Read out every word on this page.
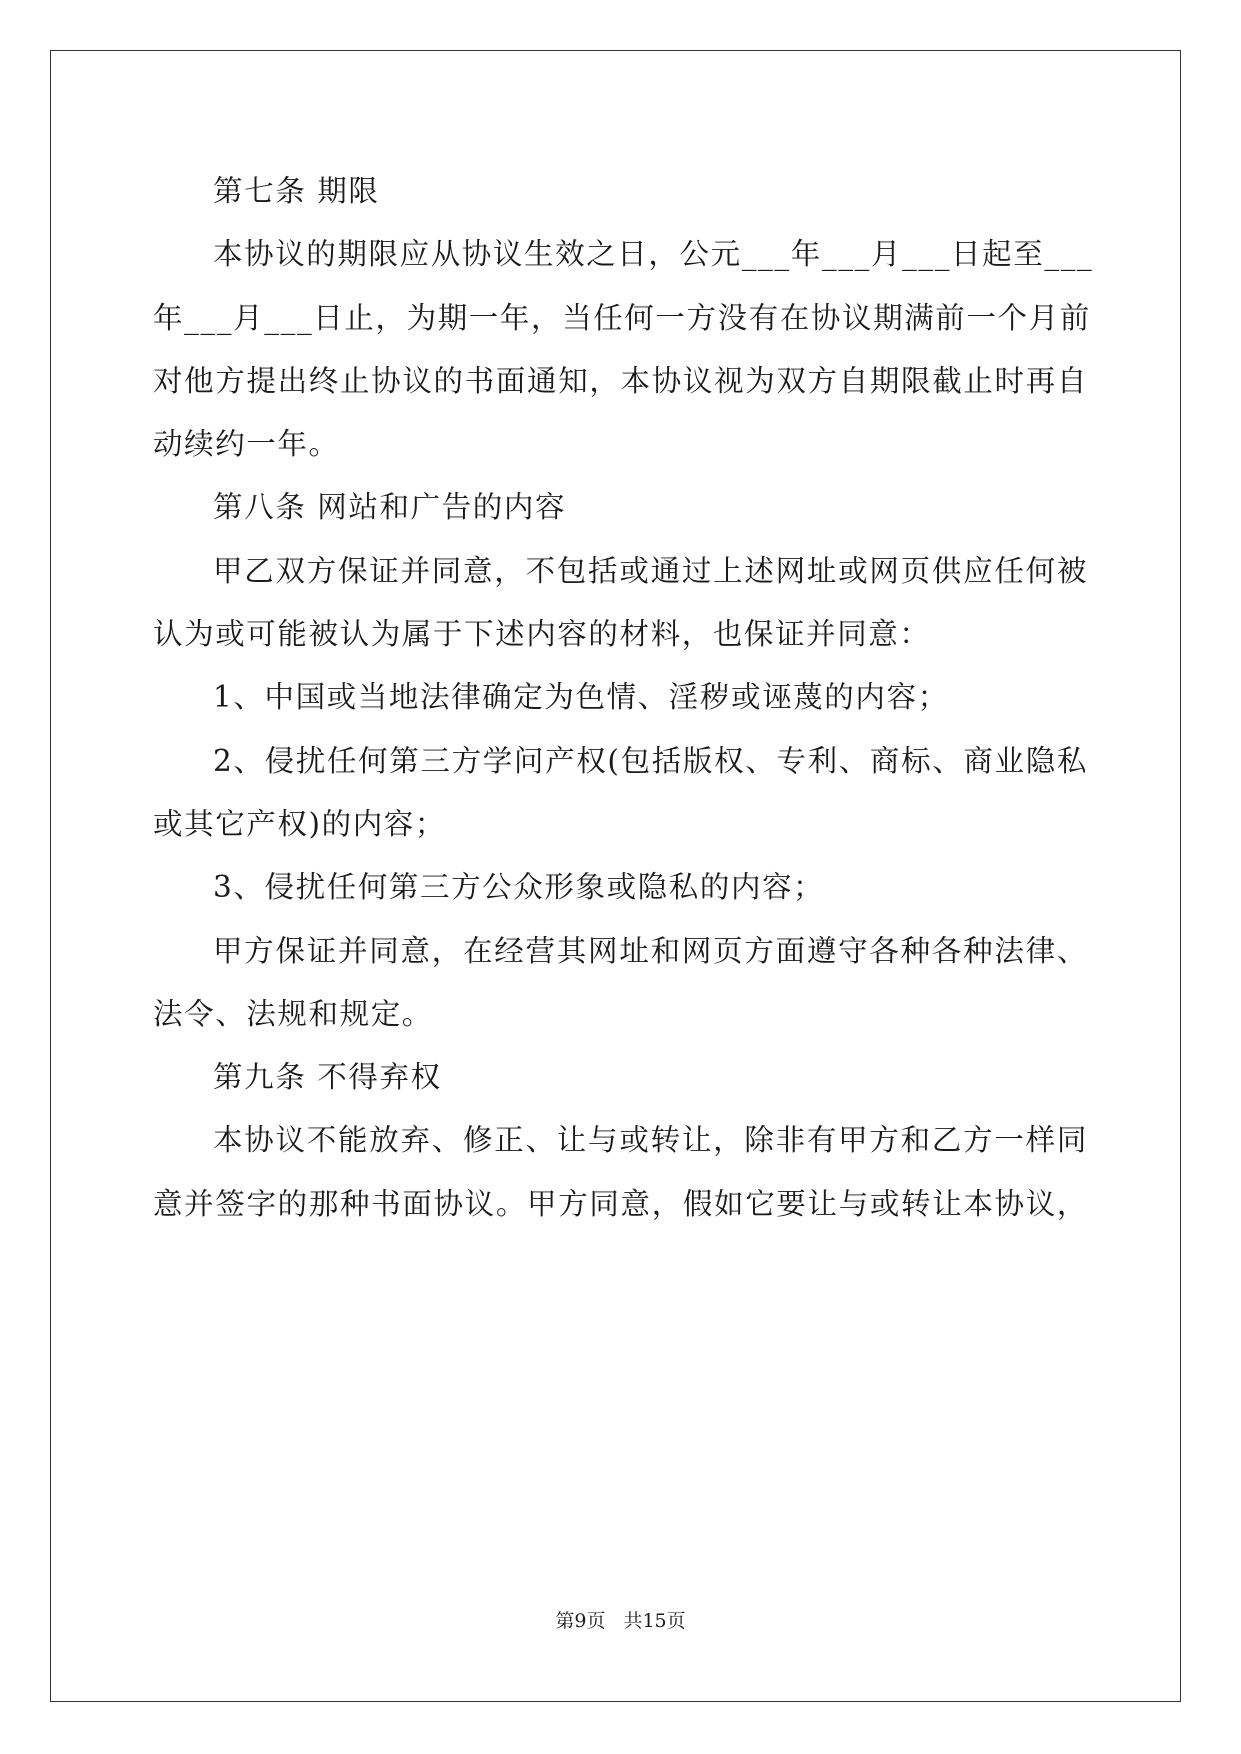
第七条 期限
本协议的期限应从协议生效之日，公元___年___月___日起至___
年___月___日止，为期一年，当任何一方没有在协议期满前一个月前
对他方提出终止协议的书面通知，本协议视为双方自期限截止时再自
动续约一年。
第八条 网站和广告的内容
甲乙双方保证并同意，不包括或通过上述网址或网页供应任何被
认为或可能被认为属于下述内容的材料，也保证并同意：
1、中国或当地法律确定为色情、淫秽或诬蔑的内容；
2、侵扰任何第三方学问产权(包括版权、专利、商标、商业隐私
或其它产权)的内容；
3、侵扰任何第三方公众形象或隐私的内容；
甲方保证并同意，在经营其网址和网页方面遵守各种各种法律、
法令、法规和规定。
第九条 不得弃权
本协议不能放弃、修正、让与或转让，除非有甲方和乙方一样同
意并签字的那种书面协议。甲方同意，假如它要让与或转让本协议，
第9页 共15页
